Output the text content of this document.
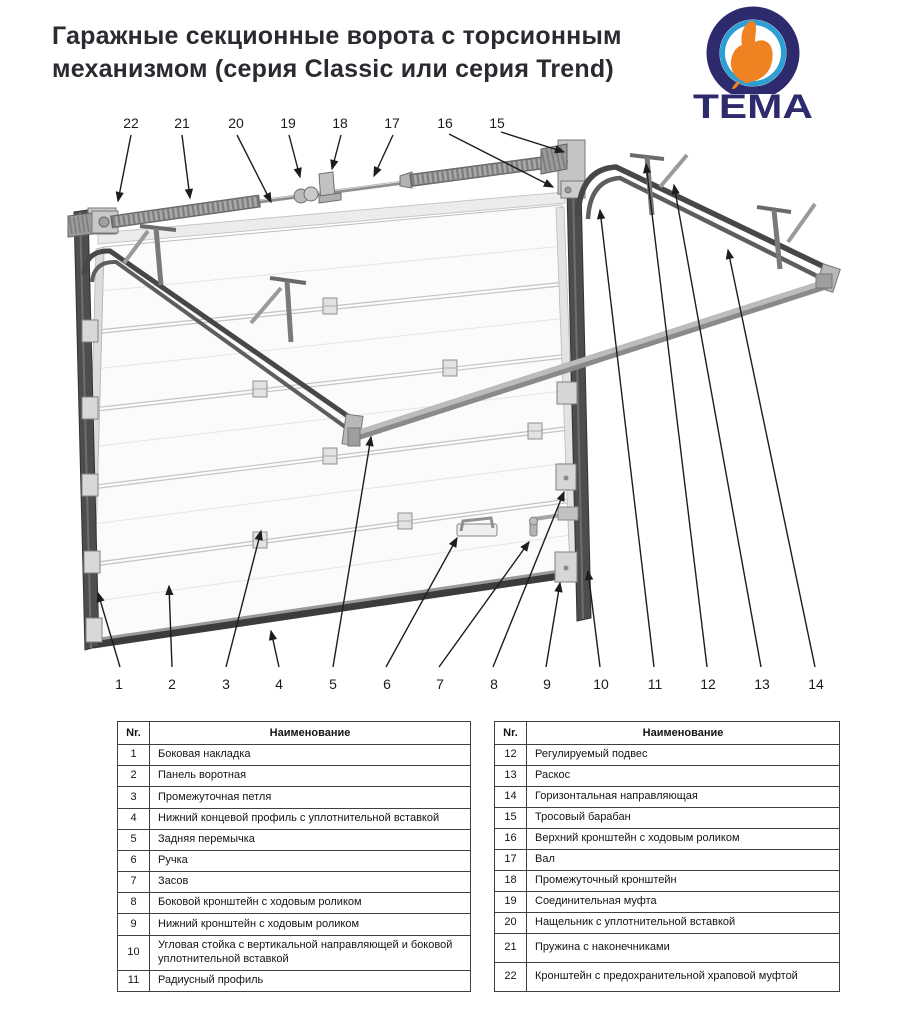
22	21	20	19	18	17	16	15
1	2	3	4	5	6	7	8	9	10	11	12	13	14
Гаражные секционные ворота с торсионным
механизмом (серия Classic или серия Trend)
ТЕМА
Nr.	Наименование
1	Боковая накладка
2	Панель воротная
3	Промежуточная петля
4	Нижний концевой профиль с уплотнительной вставкой
5	Задняя перемычка
6	Ручка
7	Засов
8	Боковой кронштейн с ходовым роликом
9	Нижний кронштейн с ходовым роликом
10	Угловая стойка с вертикальной направляющей и боковой уплотнительной вставкой
11	Радиусный профиль
Nr.	Наименование
12	Регулируемый подвес
13	Раскос
14	Горизонтальная направляющая
15	Тросовый барабан
16	Верхний кронштейн с ходовым роликом
17	Вал
18	Промежуточный кронштейн
19	Соединительная муфта
20	Нащельник с уплотнительной вставкой
21	Пружина с наконечниками
22	Кронштейн с предохранительной храповой муфтой
